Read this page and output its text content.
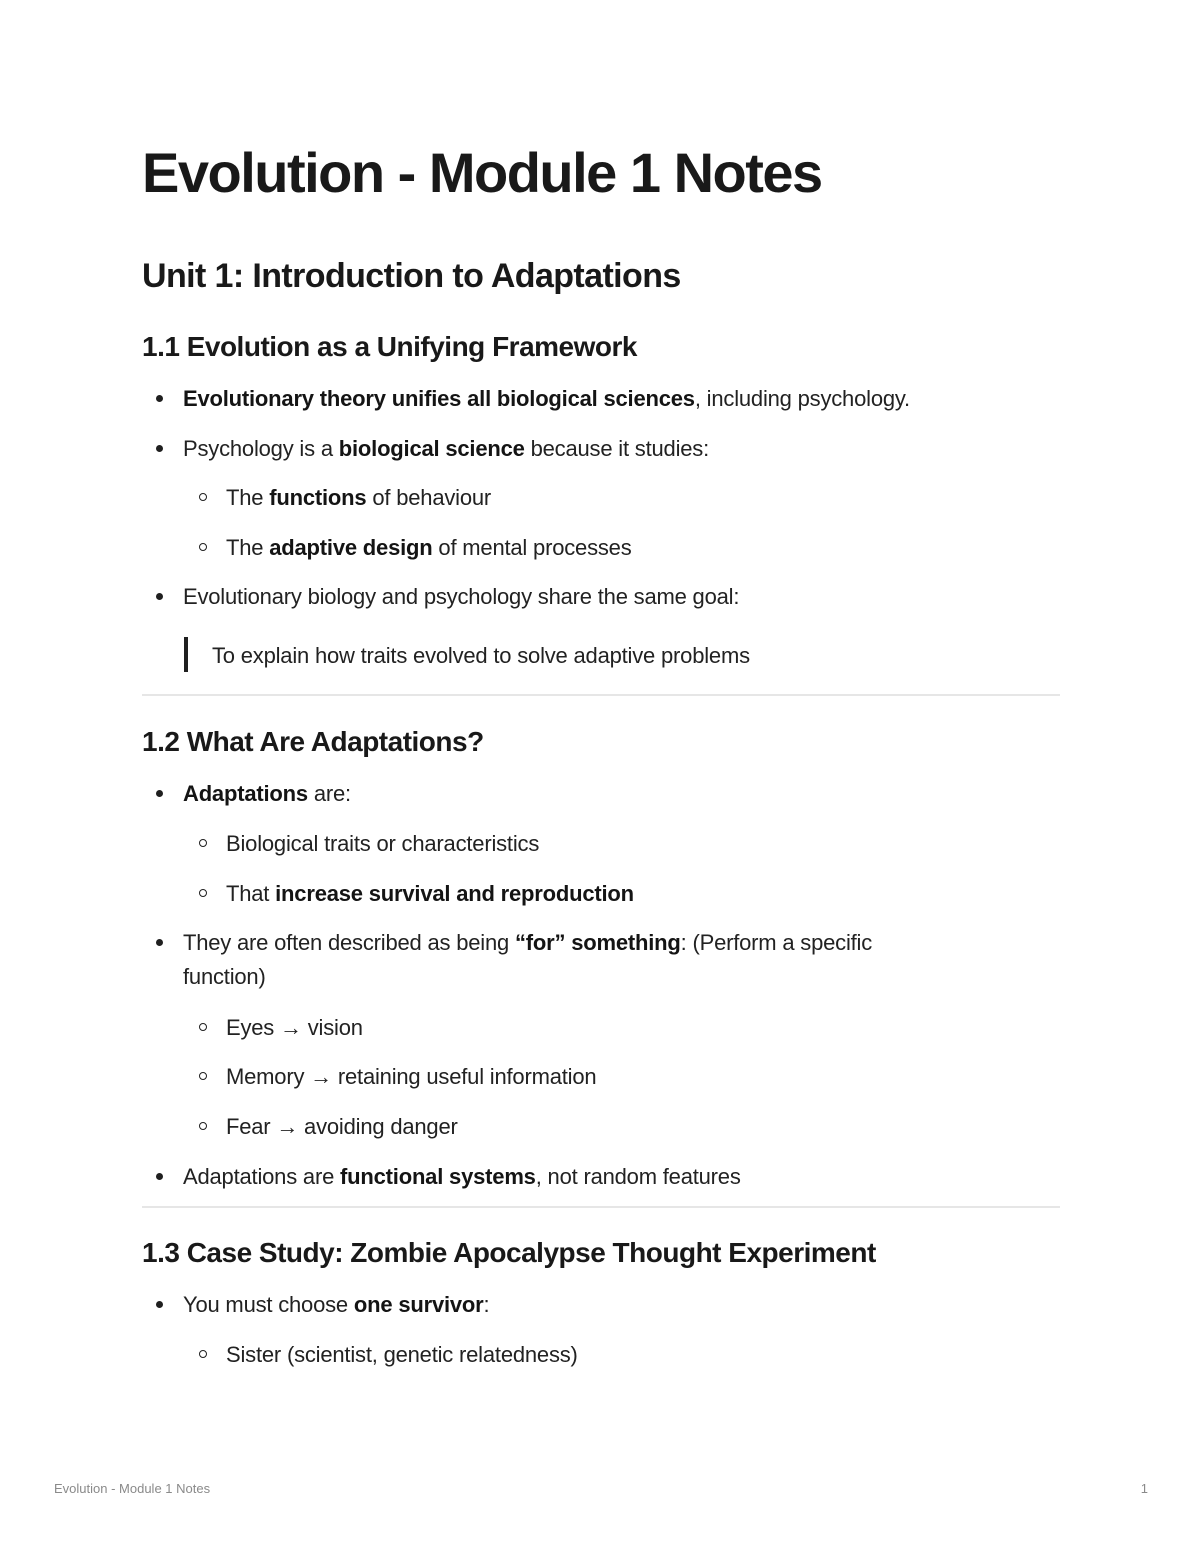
Evolution - Module 1 Notes
Unit 1: Introduction to Adaptations
1.1 Evolution as a Unifying Framework
Evolutionary theory unifies all biological sciences, including psychology.
Psychology is a biological science because it studies:
The functions of behaviour
The adaptive design of mental processes
Evolutionary biology and psychology share the same goal:
To explain how traits evolved to solve adaptive problems
1.2 What Are Adaptations?
Adaptations are:
Biological traits or characteristics
That increase survival and reproduction
They are often described as being “for” something: (Perform a specific
function)
Eyes → vision
Memory → retaining useful information
Fear → avoiding danger
Adaptations are functional systems, not random features
1.3 Case Study: Zombie Apocalypse Thought Experiment
You must choose one survivor:
Sister (scientist, genetic relatedness)
Evolution - Module 1 Notes	1
